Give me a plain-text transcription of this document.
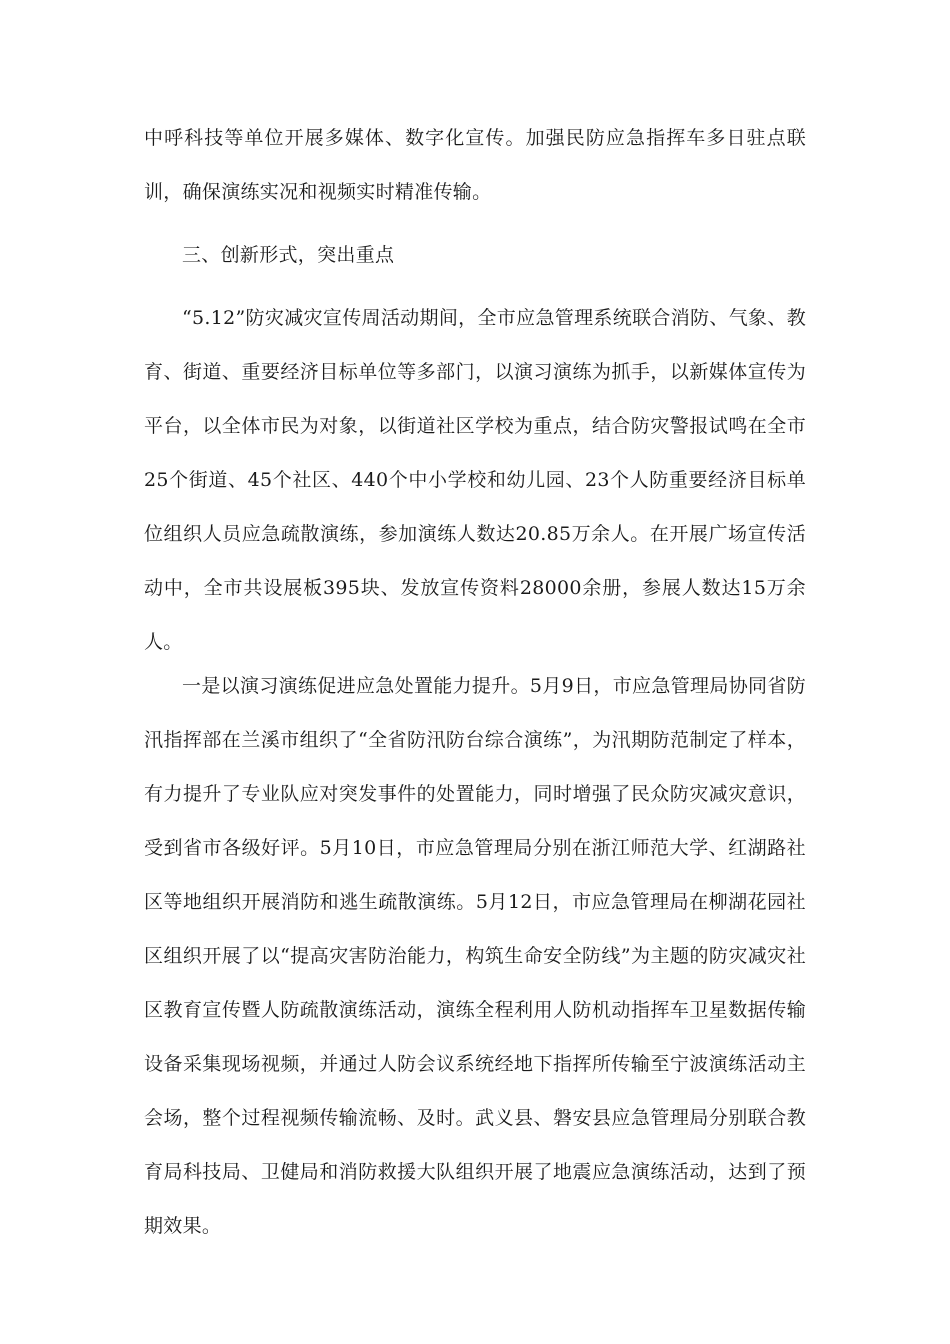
中呼科技等单位开展多媒体、数字化宣传。加强民防应急指挥车多日驻点联训，确保演练实况和视频实时精准传输。

三、创新形式，突出重点

“5.12”防灾减灾宣传周活动期间，全市应急管理系统联合消防、气象、教育、街道、重要经济目标单位等多部门，以演习演练为抓手，以新媒体宣传为平台，以全体市民为对象，以街道社区学校为重点，结合防灾警报试鸣在全市25个街道、45个社区、440个中小学校和幼儿园、23个人防重要经济目标单位组织人员应急疏散演练，参加演练人数达20.85万余人。在开展广场宣传活动中，全市共设展板395块、发放宣传资料28000余册，参展人数达15万余人。

一是以演习演练促进应急处置能力提升。5月9日，市应急管理局协同省防汛指挥部在兰溪市组织了“全省防汛防台综合演练”，为汛期防范制定了样本，有力提升了专业队应对突发事件的处置能力，同时增强了民众防灾减灾意识，受到省市各级好评。5月10日，市应急管理局分别在浙江师范大学、红湖路社区等地组织开展消防和逃生疏散演练。5月12日，市应急管理局在柳湖花园社区组织开展了以“提高灾害防治能力，构筑生命安全防线”为主题的防灾减灾社区教育宣传暨人防疏散演练活动，演练全程利用人防机动指挥车卫星数据传输设备采集现场视频，并通过人防会议系统经地下指挥所传输至宁波演练活动主会场，整个过程视频传输流畅、及时。武义县、磐安县应急管理局分别联合教育局科技局、卫健局和消防救援大队组织开展了地震应急演练活动，达到了预期效果。
